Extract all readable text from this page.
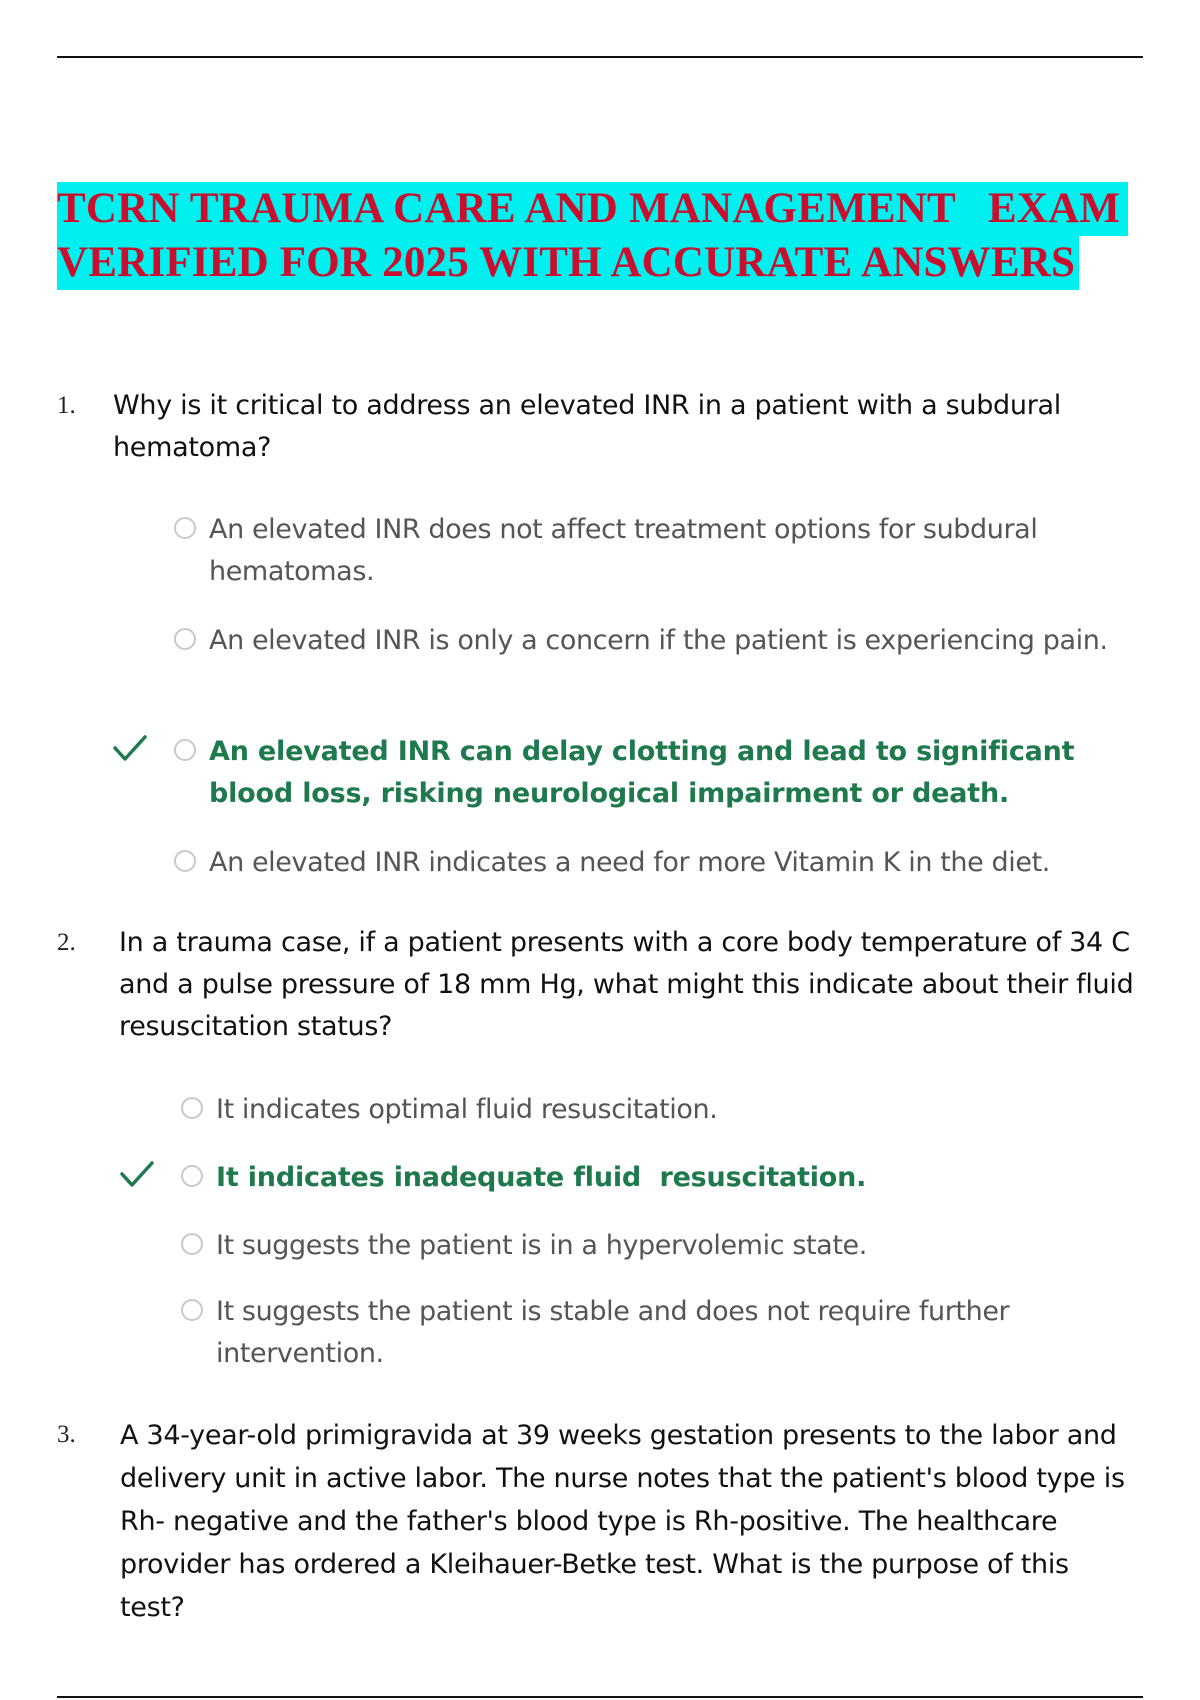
TCRN TRAUMA CARE AND MANAGEMENT   EXAM
VERIFIED FOR 2025 WITH ACCURATE ANSWERS
1. Why is it critical to address an elevated INR in a patient with a subdural hematoma?
An elevated INR does not affect treatment options for subdural hematomas.
An elevated INR is only a concern if the patient is experiencing pain.
An elevated INR can delay clotting and lead to significant blood loss, risking neurological impairment or death.
An elevated INR indicates a need for more Vitamin K in the diet.
2. In a trauma case, if a patient presents with a core body temperature of 34 C and a pulse pressure of 18 mm Hg, what might this indicate about their fluid resuscitation status?
It indicates optimal fluid resuscitation.
It indicates inadequate fluid  resuscitation.
It suggests the patient is in a hypervolemic state.
It suggests the patient is stable and does not require further intervention.
3. A 34-year-old primigravida at 39 weeks gestation presents to the labor and delivery unit in active labor. The nurse notes that the patient's blood type is Rh- negative and the father's blood type is Rh-positive. The healthcare provider has ordered a Kleihauer-Betke test. What is the purpose of this test?
